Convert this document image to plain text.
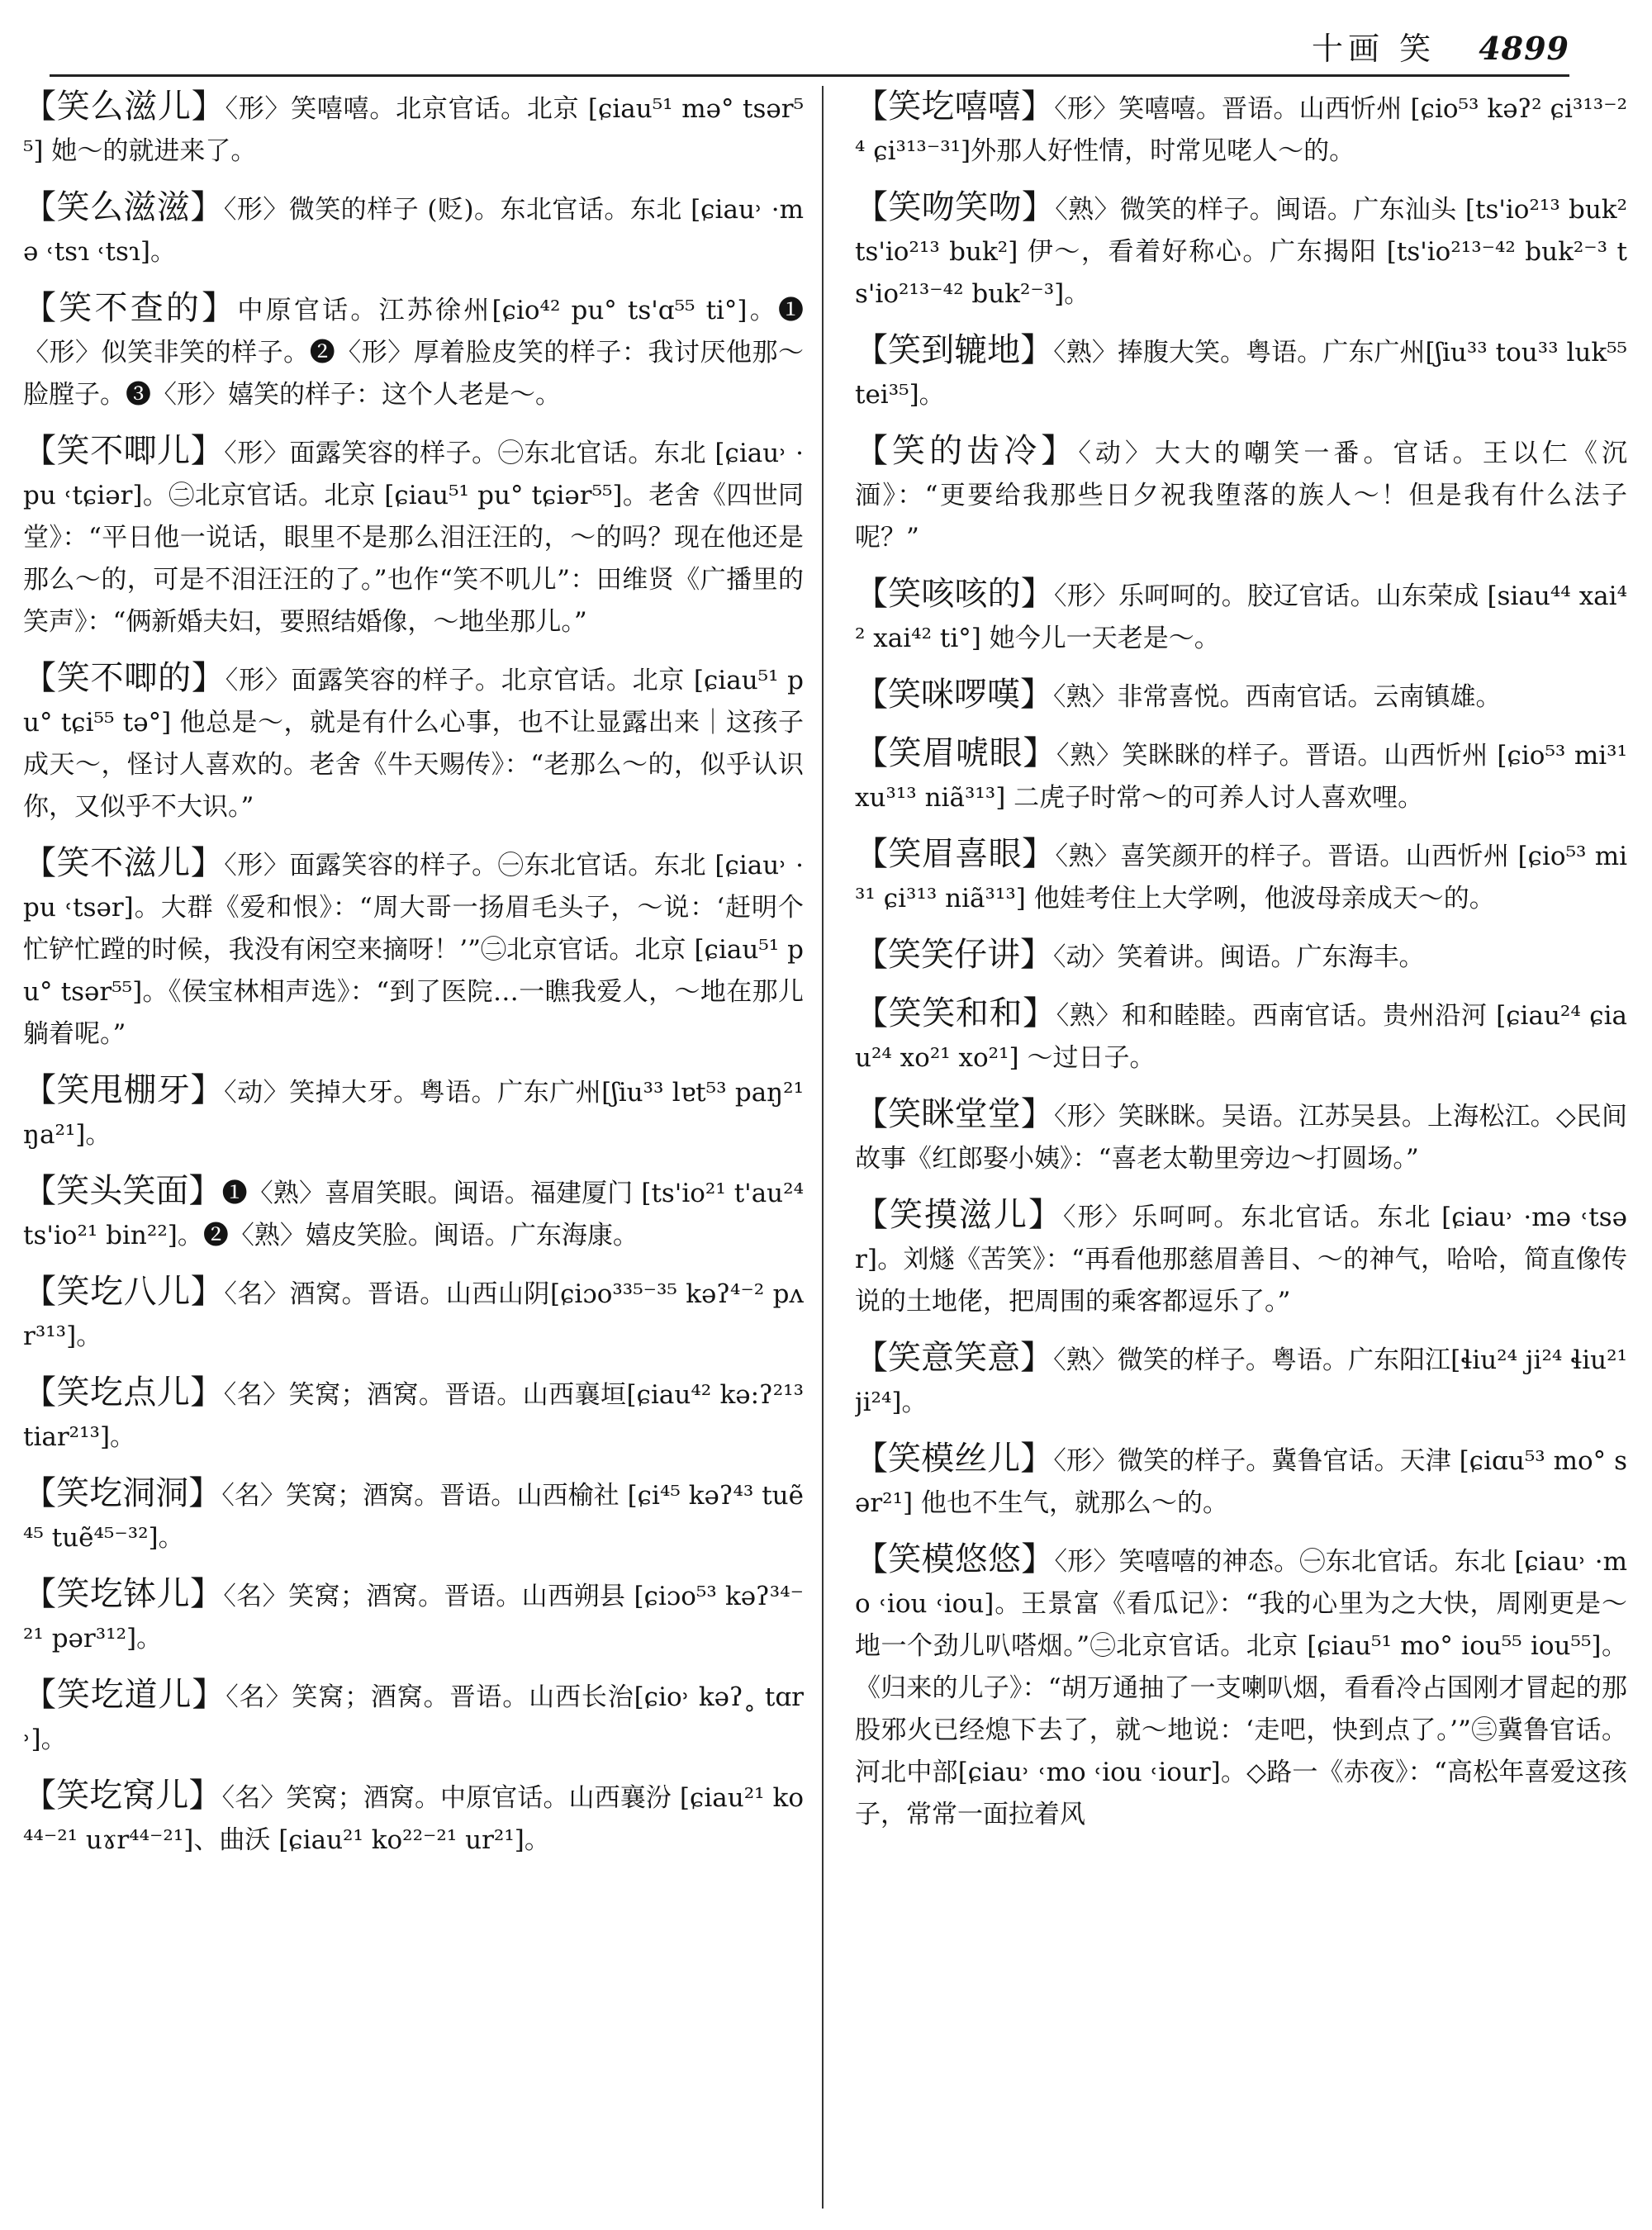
十画 笑 4899
【笑么滋儿】〈形〉笑嘻嘻。北京官话。北京 [ɕiau⁵¹ mə° tsər⁵⁵] 她～的就进来了。
【笑么滋滋】〈形〉微笑的样子 (贬)。东北官话。东北 [ɕiau˒ ·mə ˓tsɿ ˓tsɿ]。
【笑不查的】中原官话。江苏徐州[ɕio⁴² pu° ts'ɑ⁵⁵ ti°]。❶〈形〉似笑非笑的样子。❷〈形〉厚着脸皮笑的样子：我讨厌他那～脸膛子。❸〈形〉嬉笑的样子：这个人老是～。
【笑不唧儿】〈形〉面露笑容的样子。㊀东北官话。东北 [ɕiau˒ ·pu ˓tɕiər]。㊁北京官话。北京 [ɕiau⁵¹ pu° tɕiər⁵⁵]。老舍《四世同堂》：“平日他一说话，眼里不是那么泪汪汪的，～的吗？现在他还是那么～的，可是不泪汪汪的了。”也作“笑不叽儿”：田维贤《广播里的笑声》：“俩新婚夫妇，要照结婚像，～地坐那儿。”
【笑不唧的】〈形〉面露笑容的样子。北京官话。北京 [ɕiau⁵¹ pu° tɕi⁵⁵ tə°] 他总是～，就是有什么心事，也不让显露出来｜这孩子成天～，怪讨人喜欢的。老舍《牛天赐传》：“老那么～的，似乎认识你，又似乎不大识。”
【笑不滋儿】〈形〉面露笑容的样子。㊀东北官话。东北 [ɕiau˒ ·pu ˓tsər]。大群《爱和恨》：“周大哥一扬眉毛头子，～说：‘赶明个忙铲忙蹚的时候，我没有闲空来摘呀！’”㊁北京官话。北京 [ɕiau⁵¹ pu° tsər⁵⁵]。《侯宝林相声选》：“到了医院…一瞧我爱人，～地在那儿躺着呢。”
【笑甩棚牙】〈动〉笑掉大牙。粤语。广东广州[ʃiu³³ lɐt⁵³ paŋ²¹ ŋa²¹]。
【笑头笑面】❶〈熟〉喜眉笑眼。闽语。福建厦门 [ts'io²¹ t'au²⁴ ts'io²¹ bin²²]。❷〈熟〉嬉皮笑脸。闽语。广东海康。
【笑圪八儿】〈名〉酒窝。晋语。山西山阴[ɕiɔo³³⁵⁻³⁵ kəʔ⁴⁻² pʌr³¹³]。
【笑圪点儿】〈名〉笑窝；酒窝。晋语。山西襄垣[ɕiau⁴² kə:ʔ²¹³ tiar²¹³]。
【笑圪洞洞】〈名〉笑窝；酒窝。晋语。山西榆社 [ɕi⁴⁵ kəʔ⁴³ tuẽ⁴⁵ tuẽ⁴⁵⁻³²]。
【笑圪钵儿】〈名〉笑窝；酒窝。晋语。山西朔县 [ɕiɔo⁵³ kəʔ³⁴⁻²¹ pər³¹²]。
【笑圪道儿】〈名〉笑窝；酒窝。晋语。山西长治[ɕio˒ kəʔ˳ tɑr˒]。
【笑圪窝儿】〈名〉笑窝；酒窝。中原官话。山西襄汾 [ɕiau²¹ ko⁴⁴⁻²¹ uɤr⁴⁴⁻²¹]、曲沃 [ɕiau²¹ ko²²⁻²¹ ur²¹]。
【笑圪嘻嘻】〈形〉笑嘻嘻。晋语。山西忻州 [ɕio⁵³ kəʔ² ɕi³¹³⁻²⁴ ɕi³¹³⁻³¹]外那人好性情，时常见咾人～的。
【笑吻笑吻】〈熟〉微笑的样子。闽语。广东汕头 [ts'io²¹³ buk² ts'io²¹³ buk²] 伊～，看着好称心。广东揭阳 [ts'io²¹³⁻⁴² buk²⁻³ ts'io²¹³⁻⁴² buk²⁻³]。
【笑到辘地】〈熟〉捧腹大笑。粤语。广东广州[ʃiu³³ tou³³ luk⁵⁵ tei³⁵]。
【笑的齿冷】〈动〉大大的嘲笑一番。官话。王以仁《沉湎》：“更要给我那些日夕祝我堕落的族人～！但是我有什么法子呢？”
【笑咳咳的】〈形〉乐呵呵的。胶辽官话。山东荣成 [siau⁴⁴ xai⁴² xai⁴² ti°] 她今儿一天老是～。
【笑咪啰嘆】〈熟〉非常喜悦。西南官话。云南镇雄。
【笑眉唬眼】〈熟〉笑眯眯的样子。晋语。山西忻州 [ɕio⁵³ mi³¹ xu³¹³ niã³¹³] 二虎子时常～的可养人讨人喜欢哩。
【笑眉喜眼】〈熟〉喜笑颜开的样子。晋语。山西忻州 [ɕio⁵³ mi³¹ ɕi³¹³ niã³¹³] 他娃考住上大学咧，他波母亲成天～的。
【笑笑仔讲】〈动〉笑着讲。闽语。广东海丰。
【笑笑和和】〈熟〉和和睦睦。西南官话。贵州沿河 [ɕiau²⁴ ɕiau²⁴ xo²¹ xo²¹] ～过日子。
【笑眯堂堂】〈形〉笑眯眯。吴语。江苏吴县。上海松江。◇民间故事《红郎娶小姨》：“喜老太勒里旁边～打圆场。”
【笑摸滋儿】〈形〉乐呵呵。东北官话。东北 [ɕiau˒ ·mə ˓tsər]。刘燧《苦笑》：“再看他那慈眉善目、～的神气，哈哈，简直像传说的土地佬，把周围的乘客都逗乐了。”
【笑意笑意】〈熟〉微笑的样子。粤语。广东阳江[ɬiu²⁴ ji²⁴ ɬiu²¹ ji²⁴]。
【笑模丝儿】〈形〉微笑的样子。冀鲁官话。天津 [ɕiɑu⁵³ mo° sər²¹] 他也不生气，就那么～的。
【笑模悠悠】〈形〉笑嘻嘻的神态。㊀东北官话。东北 [ɕiau˒ ·mo ˓iou ˓iou]。王景富《看瓜记》：“我的心里为之大快，周刚更是～地一个劲儿叭嗒烟。”㊁北京官话。北京 [ɕiau⁵¹ mo° iou⁵⁵ iou⁵⁵]。《归来的儿子》：“胡万通抽了一支喇叭烟，看看冷占国刚才冒起的那股邪火已经熄下去了，就～地说：‘走吧，快到点了。’”㊂冀鲁官话。河北中部[ɕiau˒ ˓mo ˓iou ˓iour]。◇路一《赤夜》：“高松年喜爱这孩子，常常一面拉着风
